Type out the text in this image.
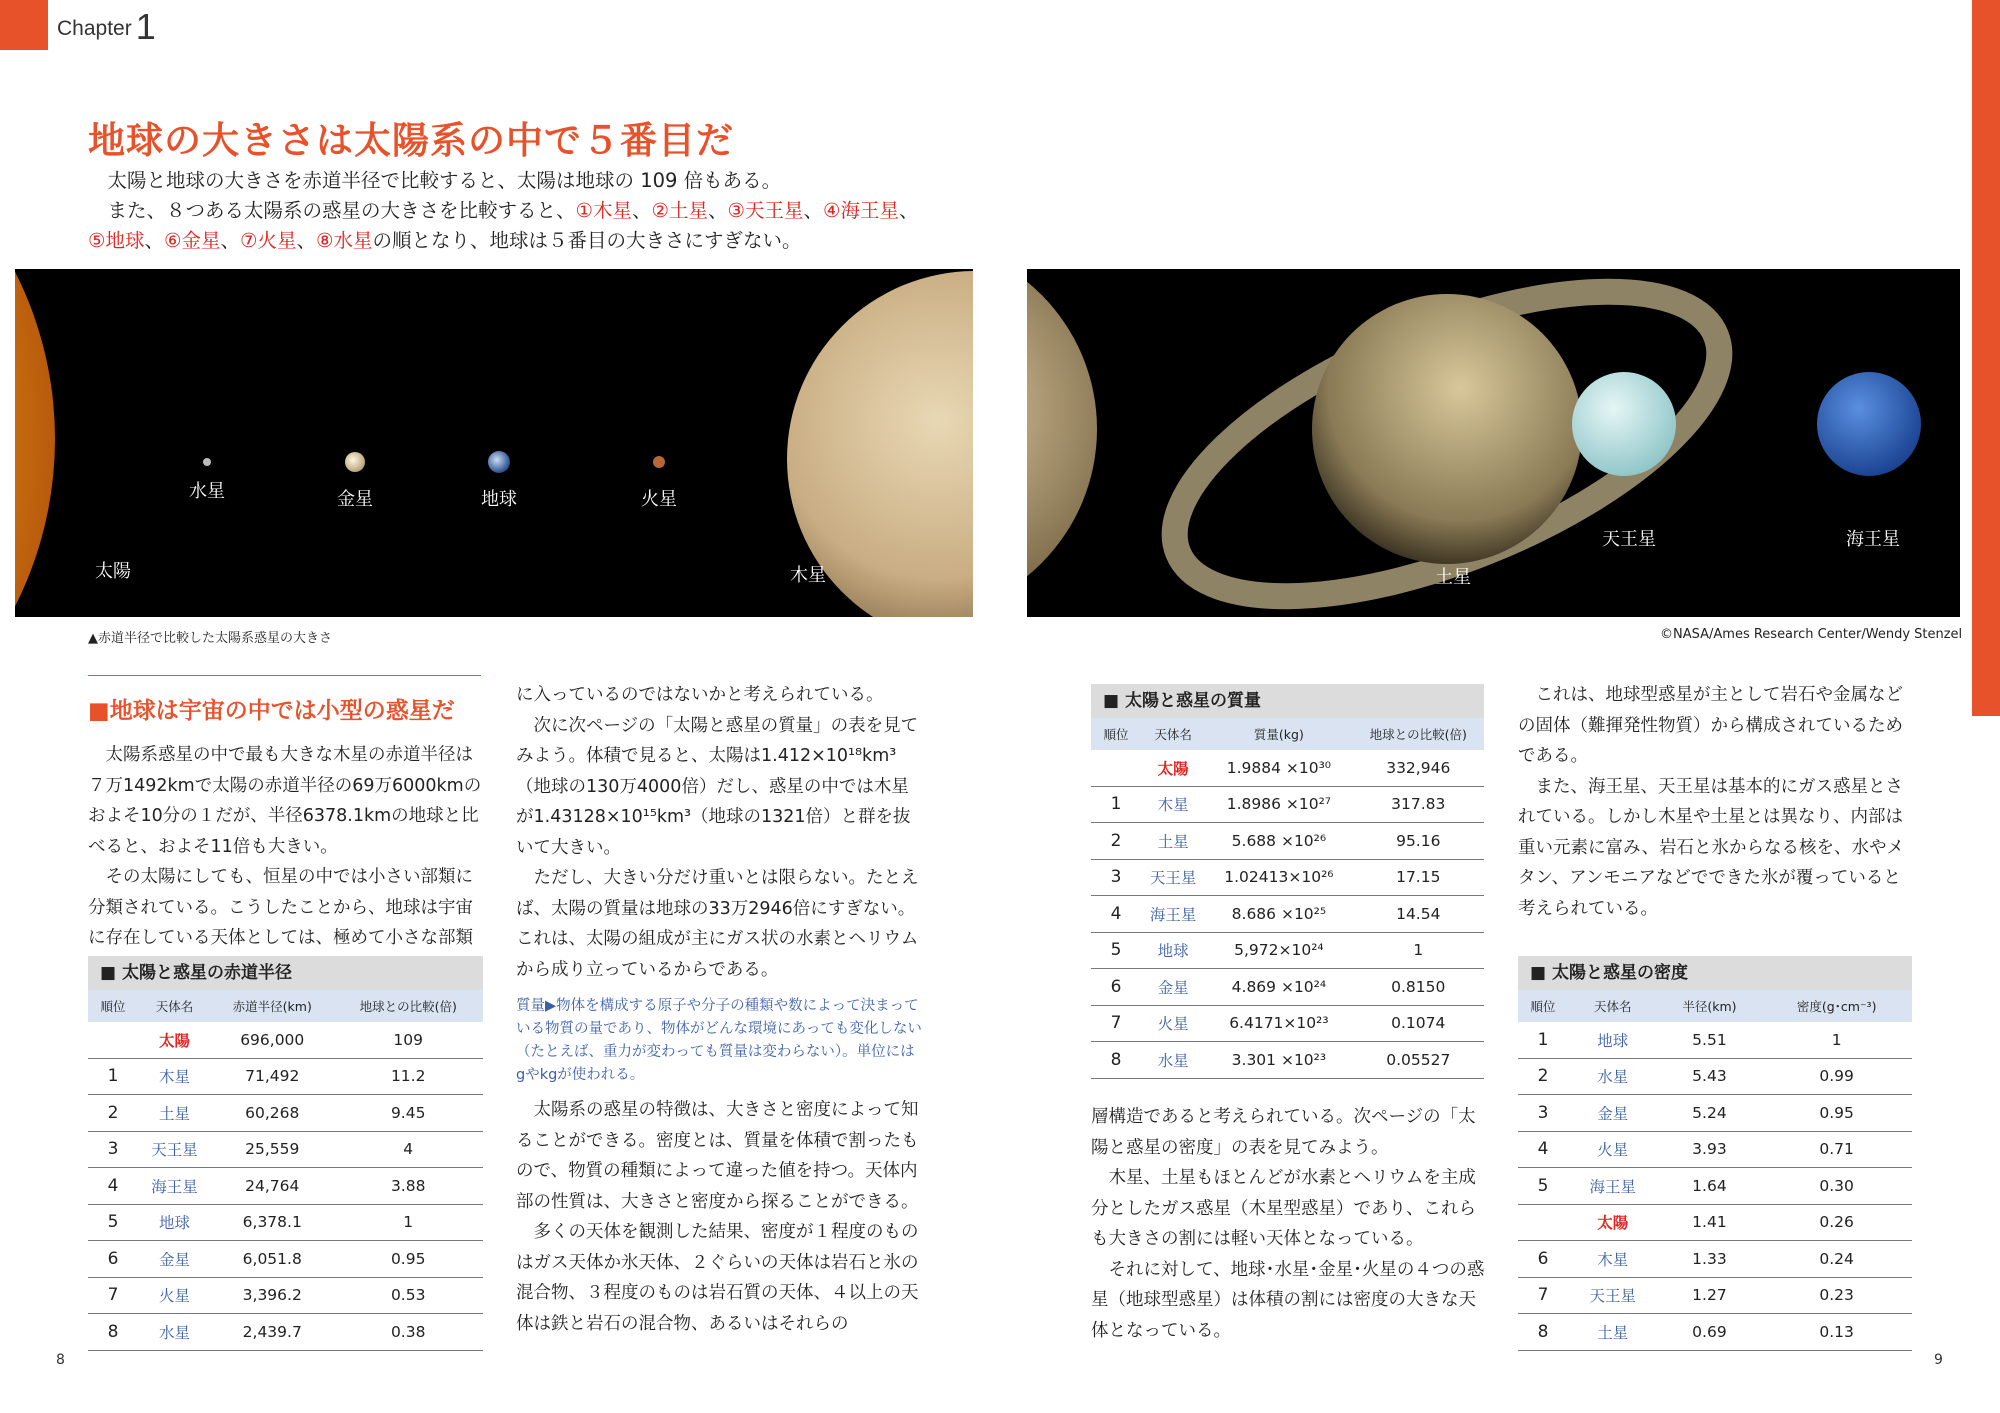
Chapter 1
地球の大きさは太陽系の中で５番目だ

太陽と地球の大きさを赤道半径で比較すると、太陽は地球の 109 倍もある。

また、８つある太陽系の惑星の大きさを比較すると、①木星、②土星、③天王星、④海王星、

⑤地球、⑥金星、⑦火星、⑧水星の順となり、地球は５番目の大きさにすぎない。

太陽
水星	金星	地球	火星
木星	土星
天王星	海王星
▲赤道半径で比較した太陽系惑星の大きさ	©NASA/Ames Research Center/Wendy Stenzel
■地球は宇宙の中では小型の惑星だ

太陽系惑星の中で最も大きな木星の赤道半径は７万1492kmで太陽の赤道半径の69万6000kmのおよそ10分の１だが、半径6378.1kmの地球と比べると、およそ11倍も大きい。

その太陽にしても、恒星の中では小さい部類に分類されている。こうしたことから、地球は宇宙に存在している天体としては、極めて小さな部類

■ 太陽と惑星の赤道半径
順位	天体名	赤道半径(km)	地球との比較(倍)
	太陽	696,000	109
1	木星	71,492	11.2
2	土星	60,268	9.45
3	天王星	25,559	4
4	海王星	24,764	3.88
5	地球	6,378.1	1
6	金星	6,051.8	0.95
7	火星	3,396.2	0.53
8	水星	2,439.7	0.38

に入っているのではないかと考えられている。

次に次ページの「太陽と惑星の質量」の表を見てみよう。体積で見ると、太陽は1.412×10¹⁸km³（地球の130万4000倍）だし、惑星の中では木星が1.43128×10¹⁵km³（地球の1321倍）と群を抜いて大きい。

ただし、大きい分だけ重いとは限らない。たとえば、太陽の質量は地球の33万2946倍にすぎない。これは、太陽の組成が主にガス状の水素とヘリウムから成り立っているからである。

質量▶物体を構成する原子や分子の種類や数によって決まっている物質の量であり、物体がどんな環境にあっても変化しない（たとえば、重力が変わっても質量は変わらない）。単位にはgやkgが使われる。

太陽系の惑星の特徴は、大きさと密度によって知ることができる。密度とは、質量を体積で割ったもので、物質の種類によって違った値を持つ。天体内部の性質は、大きさと密度から探ることができる。

多くの天体を観測した結果、密度が１程度のものはガス天体か氷天体、２ぐらいの天体は岩石と氷の混合物、３程度のものは岩石質の天体、４以上の天体は鉄と岩石の混合物、あるいはそれらの

■ 太陽と惑星の質量
順位	天体名	質量(kg)	地球との比較(倍)
	太陽	1.9884 ×10³⁰	332,946
1	木星	1.8986 ×10²⁷	317.83
2	土星	5.688 ×10²⁶	95.16
3	天王星	1.02413×10²⁶	17.15
4	海王星	8.686 ×10²⁵	14.54
5	地球	5,972×10²⁴	1
6	金星	4.869 ×10²⁴	0.8150
7	火星	6.4171×10²³	0.1074
8	水星	3.301 ×10²³	0.05527

層構造であると考えられている。次ページの「太陽と惑星の密度」の表を見てみよう。

木星、土星もほとんどが水素とヘリウムを主成分としたガス惑星（木星型惑星）であり、これらも大きさの割には軽い天体となっている。

それに対して、地球･水星･金星･火星の４つの惑星（地球型惑星）は体積の割には密度の大きな天体となっている。

これは、地球型惑星が主として岩石や金属などの固体（難揮発性物質）から構成されているためである。

また、海王星、天王星は基本的にガス惑星とされている。しかし木星や土星とは異なり、内部は重い元素に富み、岩石と氷からなる核を、水やメタン、アンモニアなどでできた氷が覆っていると考えられている。

■ 太陽と惑星の密度
順位	天体名	半径(km)	密度(g･cm⁻³)
1	地球	5.51	1
2	水星	5.43	0.99
3	金星	5.24	0.95
4	火星	3.93	0.71
5	海王星	1.64	0.30
	太陽	1.41	0.26
6	木星	1.33	0.24
7	天王星	1.27	0.23
8	土星	0.69	0.13
8	9
